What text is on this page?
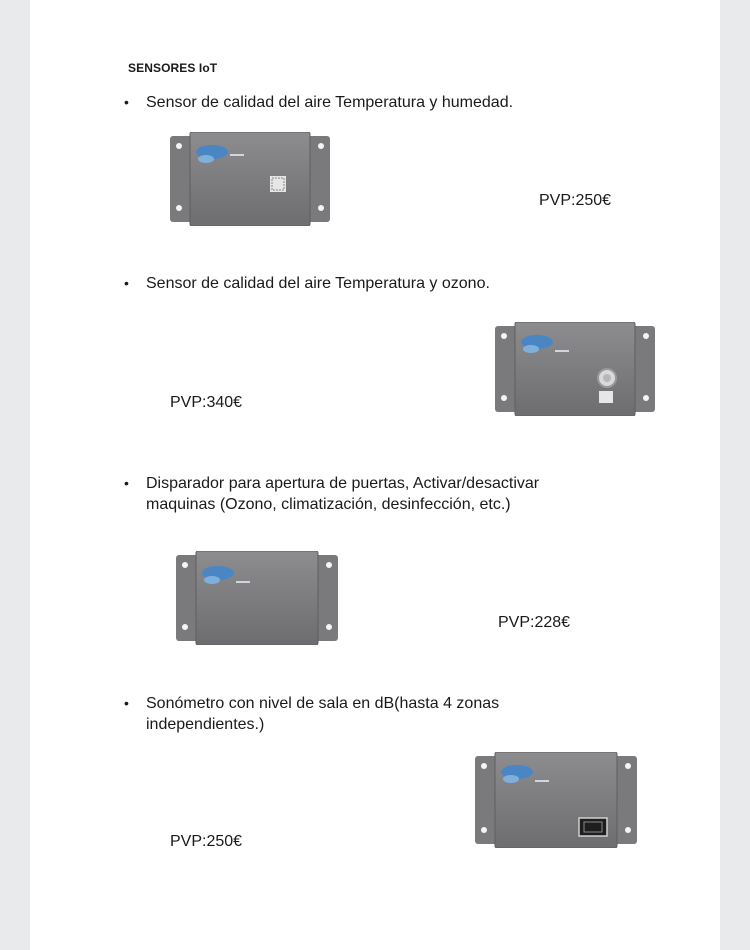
SENSORES IoT
• Sensor de calidad del aire Temperatura y humedad.
PVP:250€
• Sensor de calidad del aire Temperatura y ozono.
PVP:340€
• Disparador para apertura de puertas, Activar/desactivar maquinas (Ozono, climatización, desinfección, etc.)
PVP:228€
• Sonómetro con nivel de sala en dB(hasta 4 zonas independientes.)
PVP:250€
